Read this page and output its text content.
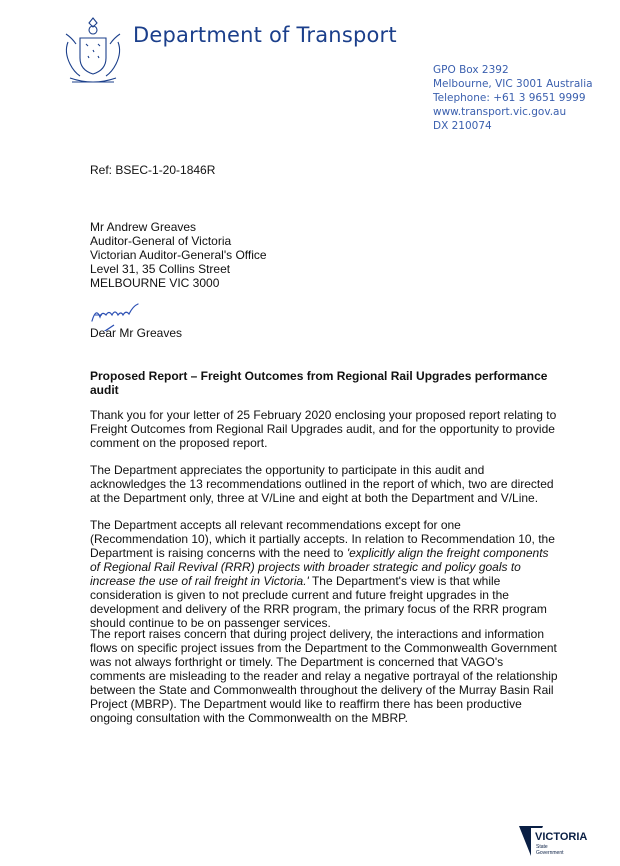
Department of Transport
GPO Box 2392
Melbourne, VIC 3001 Australia
Telephone: +61 3 9651 9999
www.transport.vic.gov.au
DX 210074
Ref: BSEC-1-20-1846R
Mr Andrew Greaves
Auditor-General of Victoria
Victorian Auditor-General's Office
Level 31, 35 Collins Street
MELBOURNE VIC 3000
Dear Mr Greaves
Proposed Report – Freight Outcomes from Regional Rail Upgrades performance audit

Thank you for your letter of 25 February 2020 enclosing your proposed report relating to Freight Outcomes from Regional Rail Upgrades audit, and for the opportunity to provide comment on the proposed report.

The Department appreciates the opportunity to participate in this audit and acknowledges the 13 recommendations outlined in the report of which, two are directed at the Department only, three at V/Line and eight at both the Department and V/Line.

The Department accepts all relevant recommendations except for one (Recommendation 10), which it partially accepts. In relation to Recommendation 10, the Department is raising concerns with the need to 'explicitly align the freight components of Regional Rail Revival (RRR) projects with broader strategic and policy goals to increase the use of rail freight in Victoria.' The Department's view is that while consideration is given to not preclude current and future freight upgrades in the development and delivery of the RRR program, the primary focus of the RRR program should continue to be on passenger services.

The report raises concern that during project delivery, the interactions and information flows on specific project issues from the Department to the Commonwealth Government was not always forthright or timely. The Department is concerned that VAGO's comments are misleading to the reader and relay a negative portrayal of the relationship between the State and Commonwealth throughout the delivery of the Murray Basin Rail Project (MBRP). The Department would like to reaffirm there has been productive ongoing consultation with the Commonwealth on the MBRP.

VICTORIA
State
Government
